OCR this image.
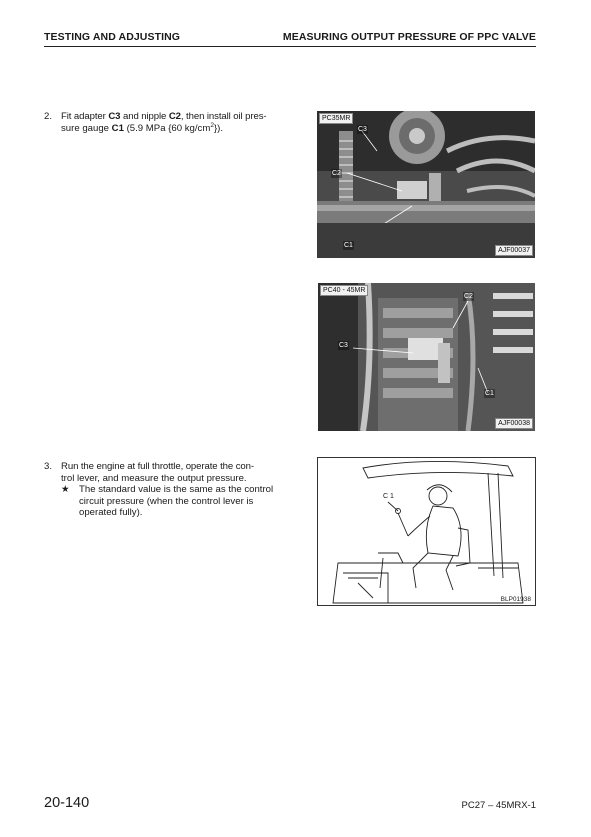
TESTING AND ADJUSTING	MEASURING OUTPUT PRESSURE OF PPC VALVE
2. Fit adapter C3 and nipple C2, then install oil pres-
sure gauge C1 (5.9 MPa {60 $kg/cm^2$}).
PC35MR
C3
C2
C1
AJF00037
PC40 - 45MR
C2
C3
C1
AJF00038
3. Run the engine at full throttle, operate the con-
trol lever, and measure the output pressure.
★ The standard value is the same as the control
circuit pressure (when the control lever is
operated fully).
C 1
BLP01938
20-140	PC27 – 45MRX-1
